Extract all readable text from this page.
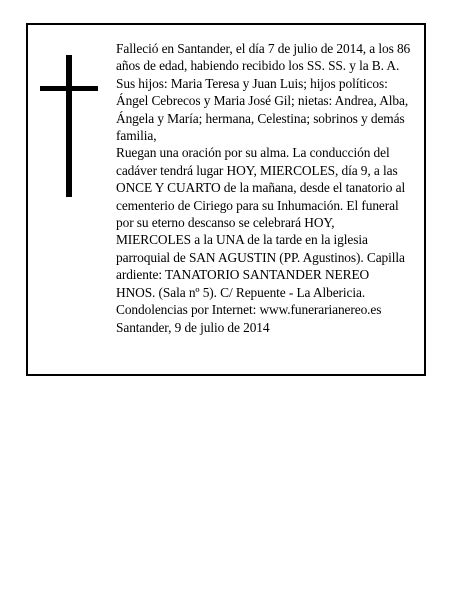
Falleció en Santander, el día 7 de julio de 2014, a los 86
años de edad, habiendo recibido los SS. SS. y la B. A.
Sus hijos: Maria Teresa y Juan Luis; hijos políticos:
Ángel Cebrecos y Maria José Gil; nietas: Andrea, Alba,
Ángela y María; hermana, Celestina; sobrinos y demás
familia,
Ruegan una oración por su alma. La conducción del
cadáver tendrá lugar HOY, MIERCOLES, día 9, a las
ONCE Y CUARTO de la mañana, desde el tanatorio al
cementerio de Ciriego para su Inhumación. El funeral
por su eterno descanso se celebrará HOY,
MIERCOLES a la UNA de la tarde en la iglesia
parroquial de SAN AGUSTIN (PP. Agustinos). Capilla
ardiente: TANATORIO SANTANDER NEREO
HNOS. (Sala nº 5). C/ Repuente - La Albericia.
Condolencias por Internet: www.funerarianereo.es
Santander, 9 de julio de 2014
